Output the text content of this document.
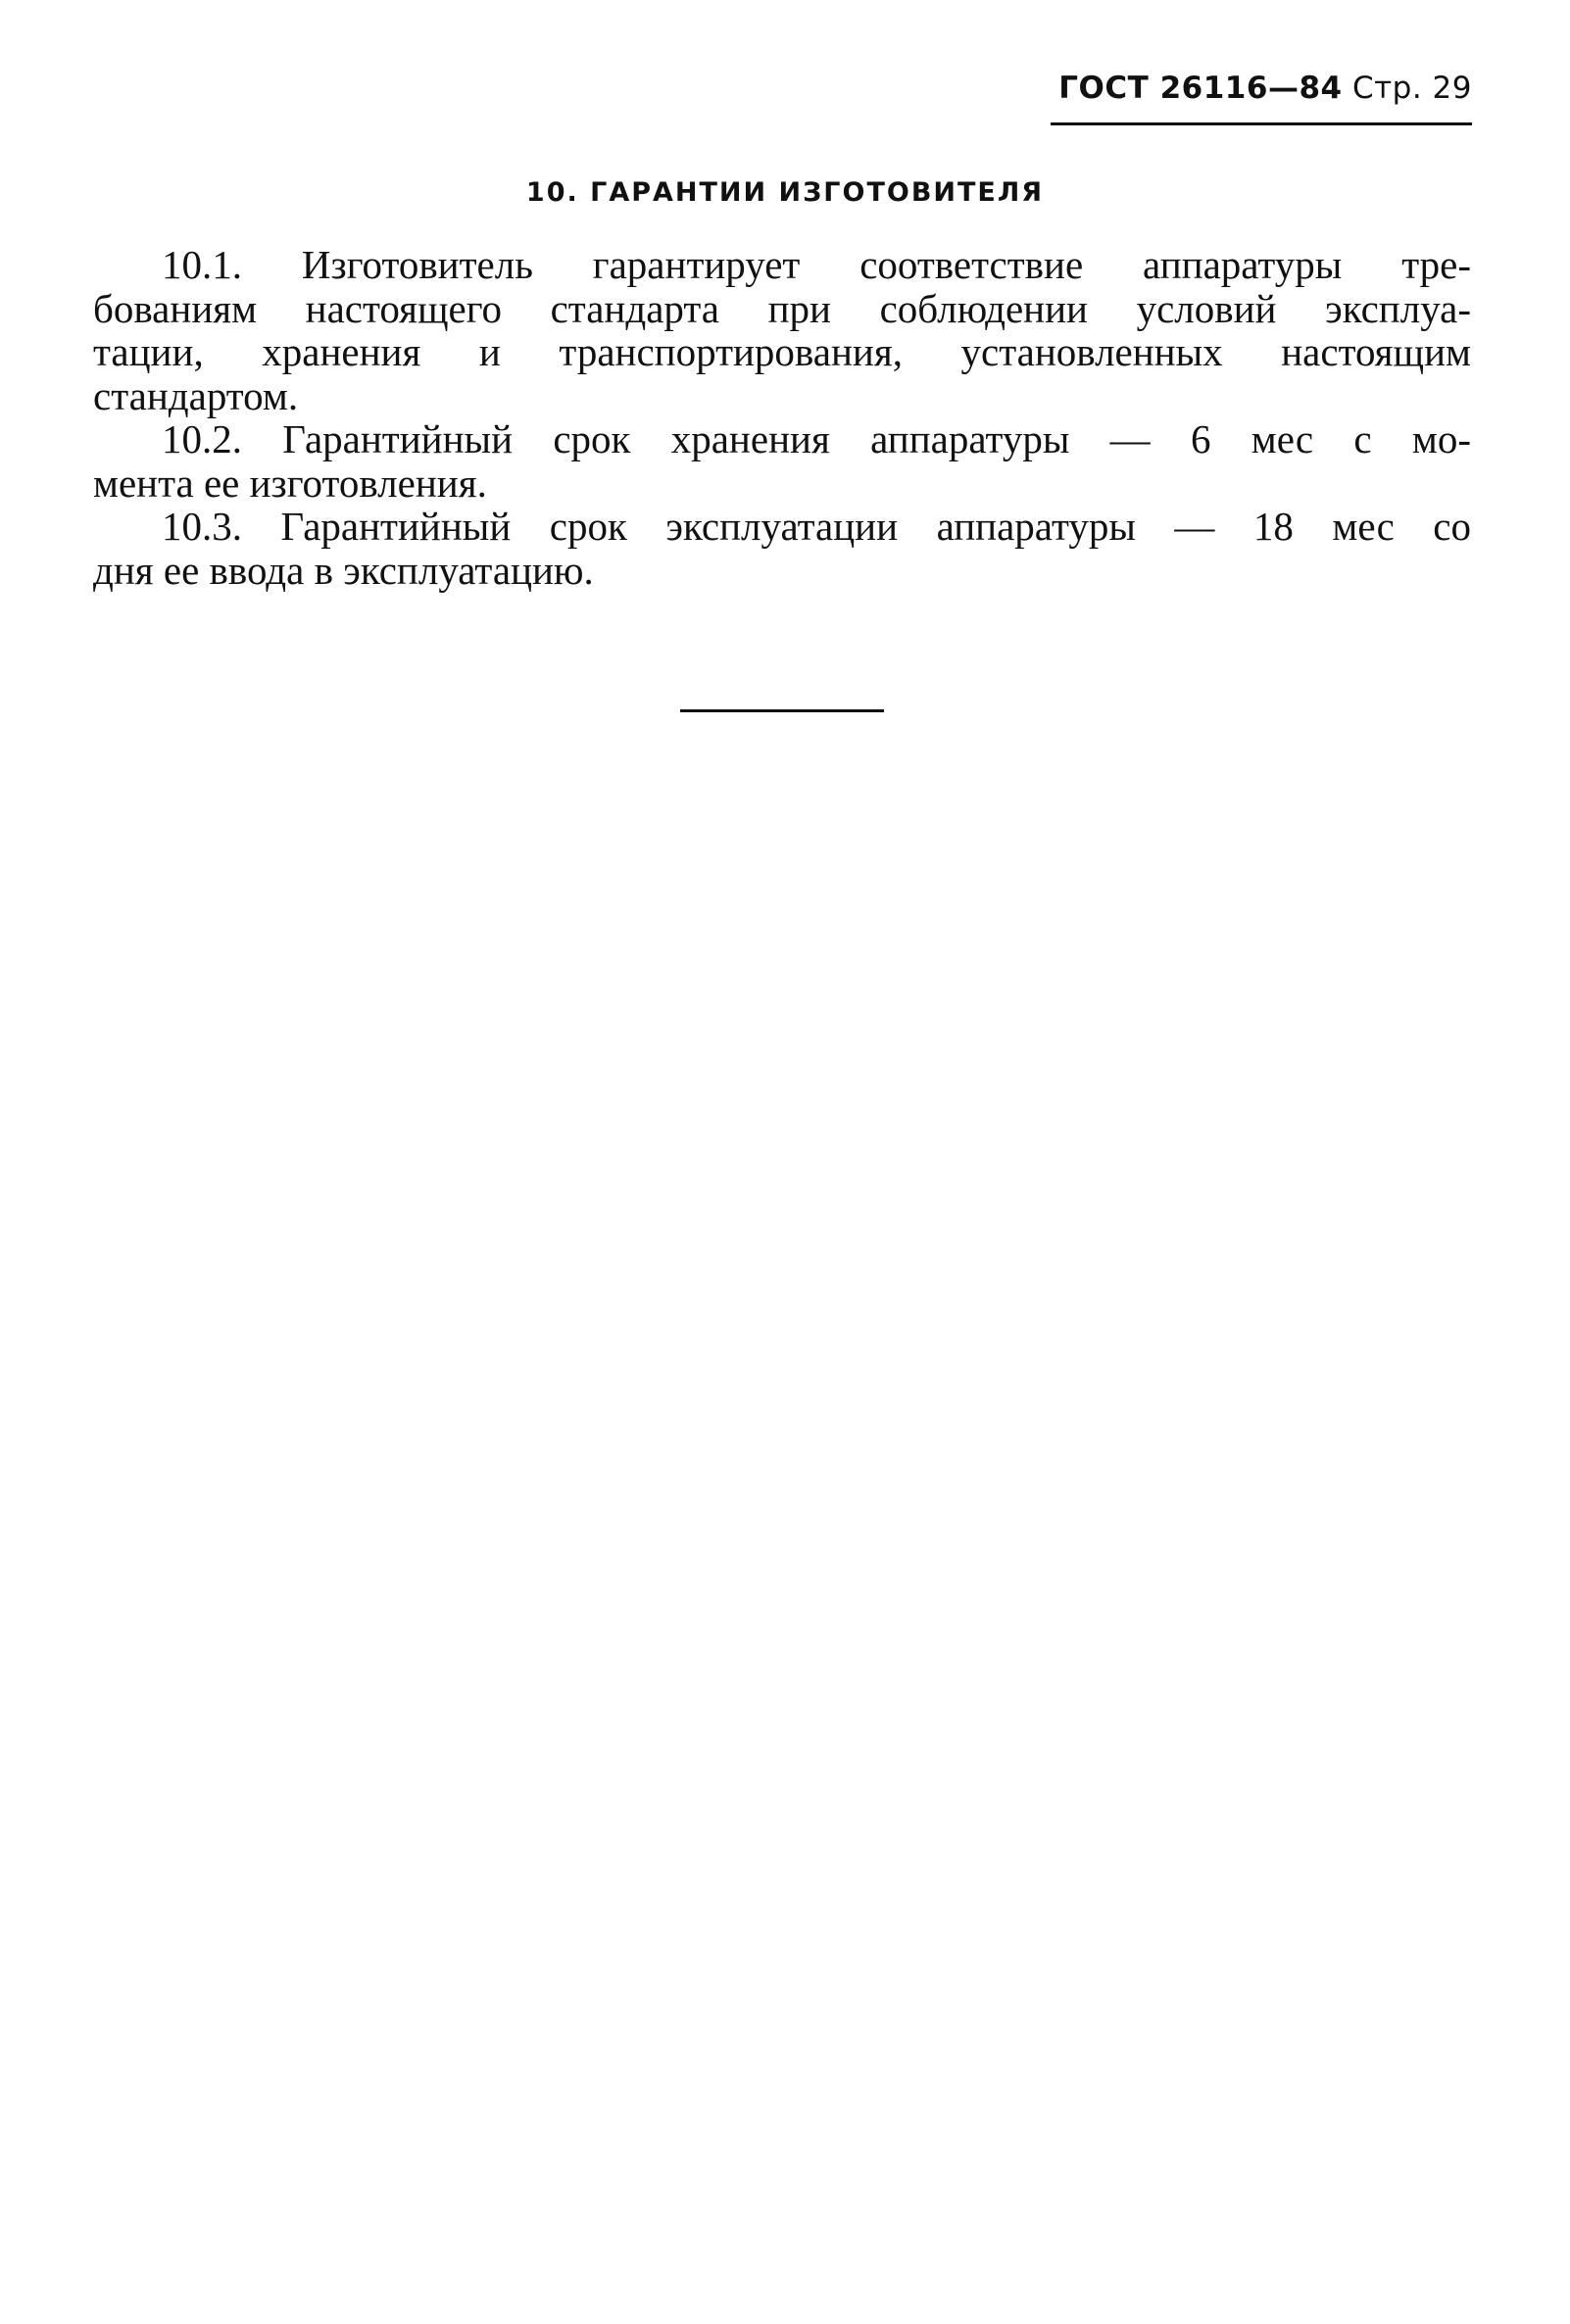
ГОСТ 26116—84 Стр. 29
10. ГАРАНТИИ ИЗГОТОВИТЕЛЯ

10.1. Изготовитель гарантирует соответствие аппаратуры тре-
бованиям настоящего стандарта при соблюдении условий эксплуа-
тации, хранения и транспортирования, установленных настоящим
стандартом.

10.2. Гарантийный срок хранения аппаратуры — 6 мес с мо-
мента ее изготовления.

10.3. Гарантийный срок эксплуатации аппаратуры — 18 мес со
дня ее ввода в эксплуатацию.
